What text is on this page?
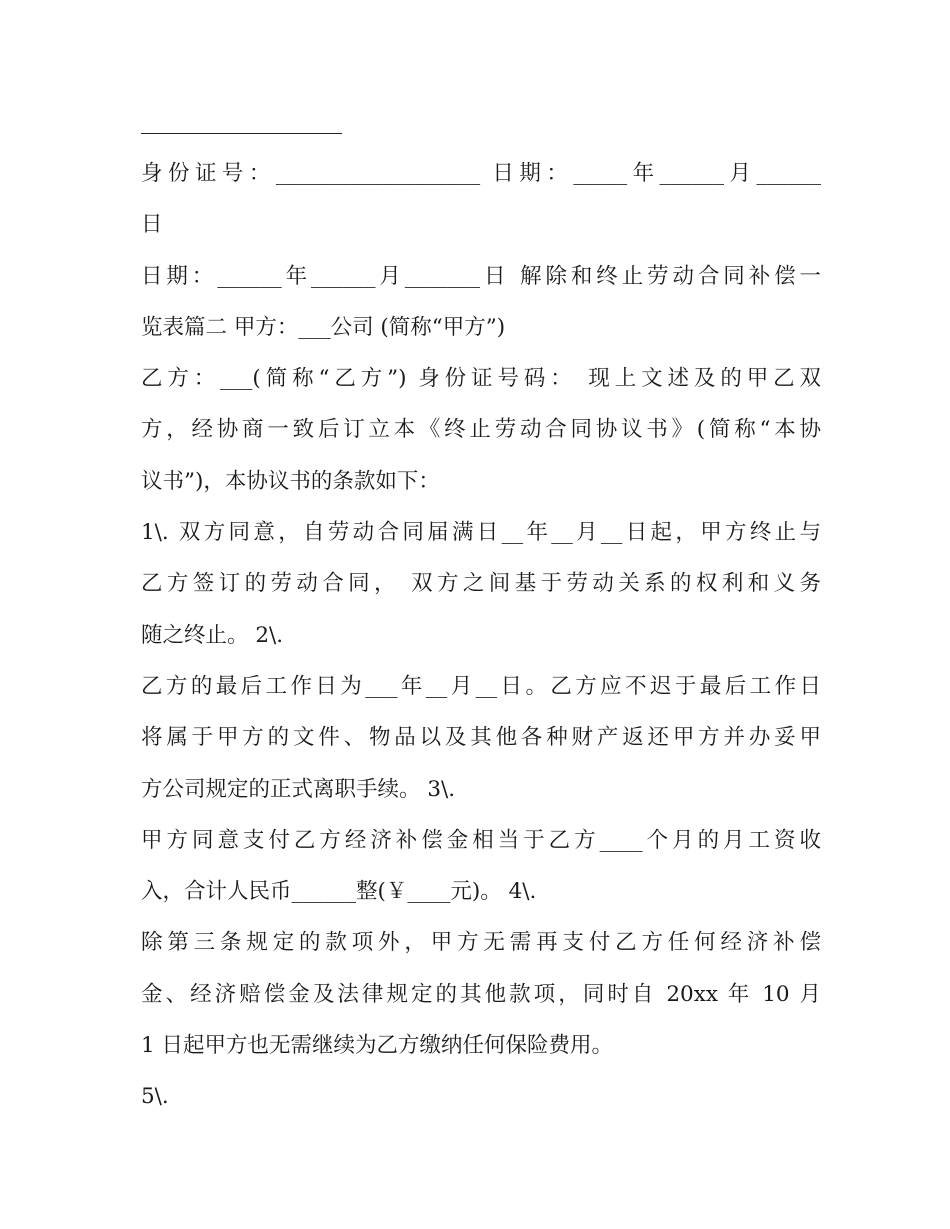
身份证号：___________________ 日期：_____年______月______
日
日期：______年______月_______日 解除和终止劳动合同补偿一
览表篇二 甲方：___公司 (简称“甲方”)
乙方：___(简称“乙方”) 身份证号码： 现上文述及的甲乙双
方，经协商一致后订立本《终止劳动合同协议书》(简称“本协
议书”)，本协议书的条款如下：
1\. 双方同意，自劳动合同届满日__年__月__日起，甲方终止与
乙方签订的劳动合同， 双方之间基于劳动关系的权利和义务
随之终止。 2\.
乙方的最后工作日为___年__月__日。乙方应不迟于最后工作日
将属于甲方的文件、物品以及其他各种财产返还甲方并办妥甲
方公司规定的正式离职手续。 3\.
甲方同意支付乙方经济补偿金相当于乙方____个月的月工资收
入，合计人民币______整(￥____元)。 4\.
除第三条规定的款项外，甲方无需再支付乙方任何经济补偿
金、经济赔偿金及法律规定的其他款项，同时自 20xx 年 10 月
1 日起甲方也无需继续为乙方缴纳任何保险费用。
5\.
